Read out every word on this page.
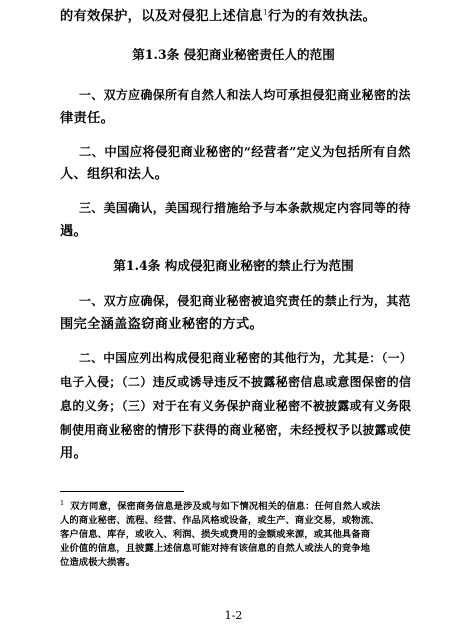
的有效保护，以及对侵犯上述信息$^1$行为的有效执法。
第1.3条 侵犯商业秘密责任人的范围
一、双方应确保所有自然人和法人均可承担侵犯商业秘密的法
律责任。
二、中国应将侵犯商业秘密的“经营者”定义为包括所有自然
人、组织和法人。
三、美国确认，美国现行措施给予与本条款规定内容同等的待
遇。
第1.4条 构成侵犯商业秘密的禁止行为范围
一、双方应确保，侵犯商业秘密被追究责任的禁止行为，其范
围完全涵盖盗窃商业秘密的方式。
二、中国应列出构成侵犯商业秘密的其他行为，尤其是：（一）
电子入侵；（二）违反或诱导违反不披露秘密信息或意图保密的信
息的义务；（三）对于在有义务保护商业秘密不被披露或有义务限
制使用商业秘密的情形下获得的商业秘密，未经授权予以披露或使
用。
$^1$ 双方同意，保密商务信息是涉及或与如下情况相关的信息：任何自然人或法
人的商业秘密、流程、经营、作品风格或设备，或生产、商业交易，或物流、
客户信息、库存，或收入、利润、损失或费用的金额或来源，或其他具备商
业价值的信息，且披露上述信息可能对持有该信息的自然人或法人的竞争地
位造成极大损害。
1-2
